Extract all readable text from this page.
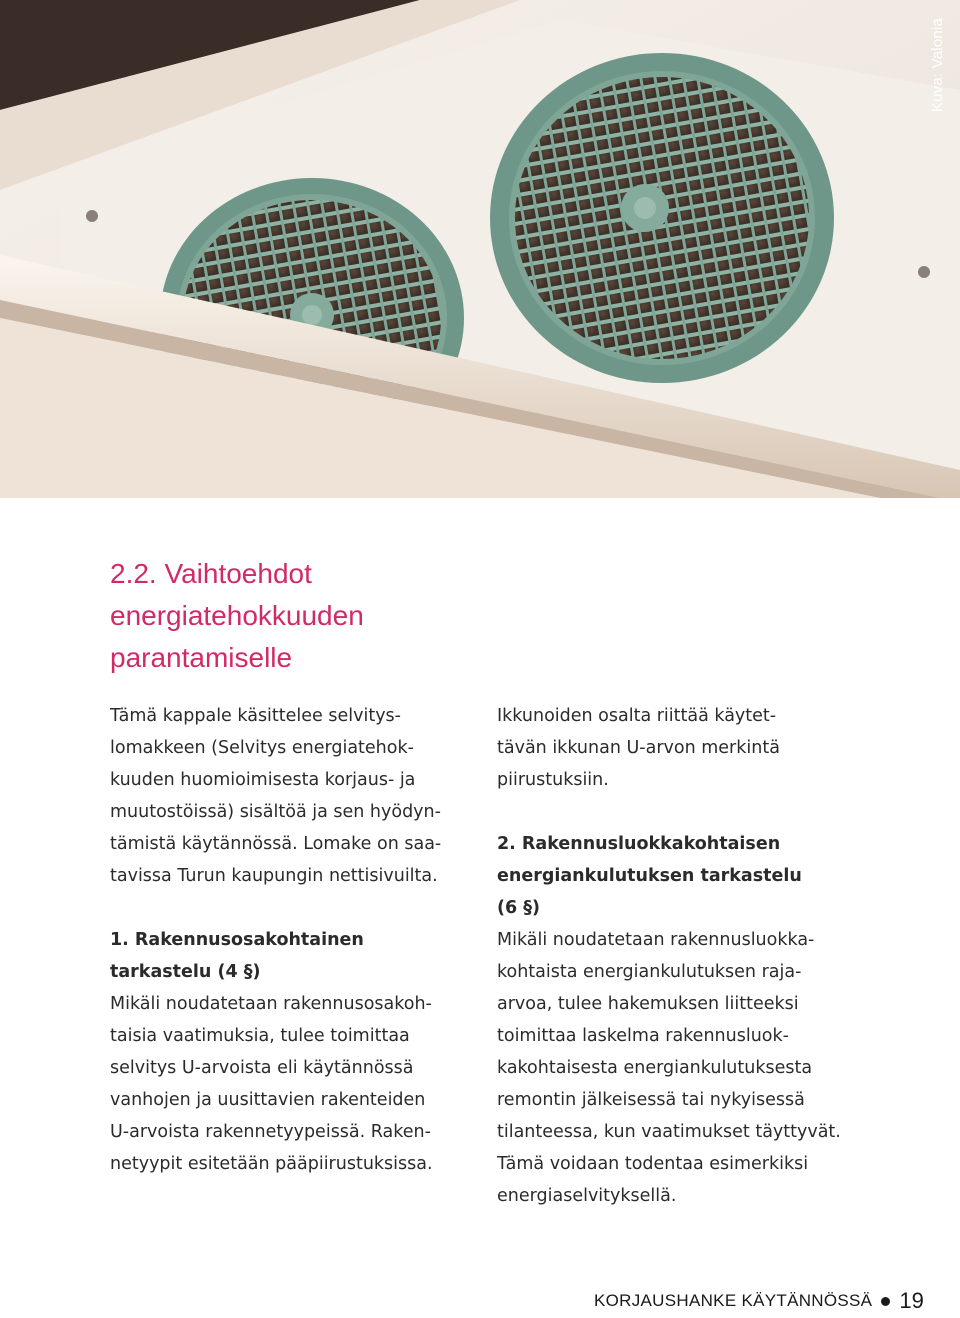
Kuva: Valonia
2.2. Vaihtoehdot
energiatehokkuuden
parantamiselle

Tämä kappale käsittelee selvitys-
lomakkeen (Selvitys energiatehok-
kuuden huomioimisesta korjaus- ja
muutostöissä) sisältöä ja sen hyödyn-
tämistä käytännössä. Lomake on saa-
tavissa Turun kaupungin nettisivuilta.

1. Rakennusosakohtainen
tarkastelu (4 §)

Mikäli noudatetaan rakennusosakoh-
taisia vaatimuksia, tulee toimittaa
selvitys U-arvoista eli käytännössä
vanhojen ja uusittavien rakenteiden
U-arvoista rakennetyypeissä. Raken-
netyypit esitetään pääpiirustuksissa.

Ikkunoiden osalta riittää käytet-
tävän ikkunan U-arvon merkintä
piirustuksiin.

2. Rakennusluokkakohtaisen
energiankulutuksen tarkastelu
(6 §)

Mikäli noudatetaan rakennusluokka-
kohtaista energiankulutuksen raja-
arvoa, tulee hakemuksen liitteeksi
toimittaa laskelma rakennusluok-
kakohtaisesta energiankulutuksesta
remontin jälkeisessä tai nykyisessä
tilanteessa, kun vaatimukset täyttyvät.
Tämä voidaan todentaa esimerkiksi
energiaselvityksellä.

KORJAUSHANKE KÄYTÄNNÖSSÄ 19
